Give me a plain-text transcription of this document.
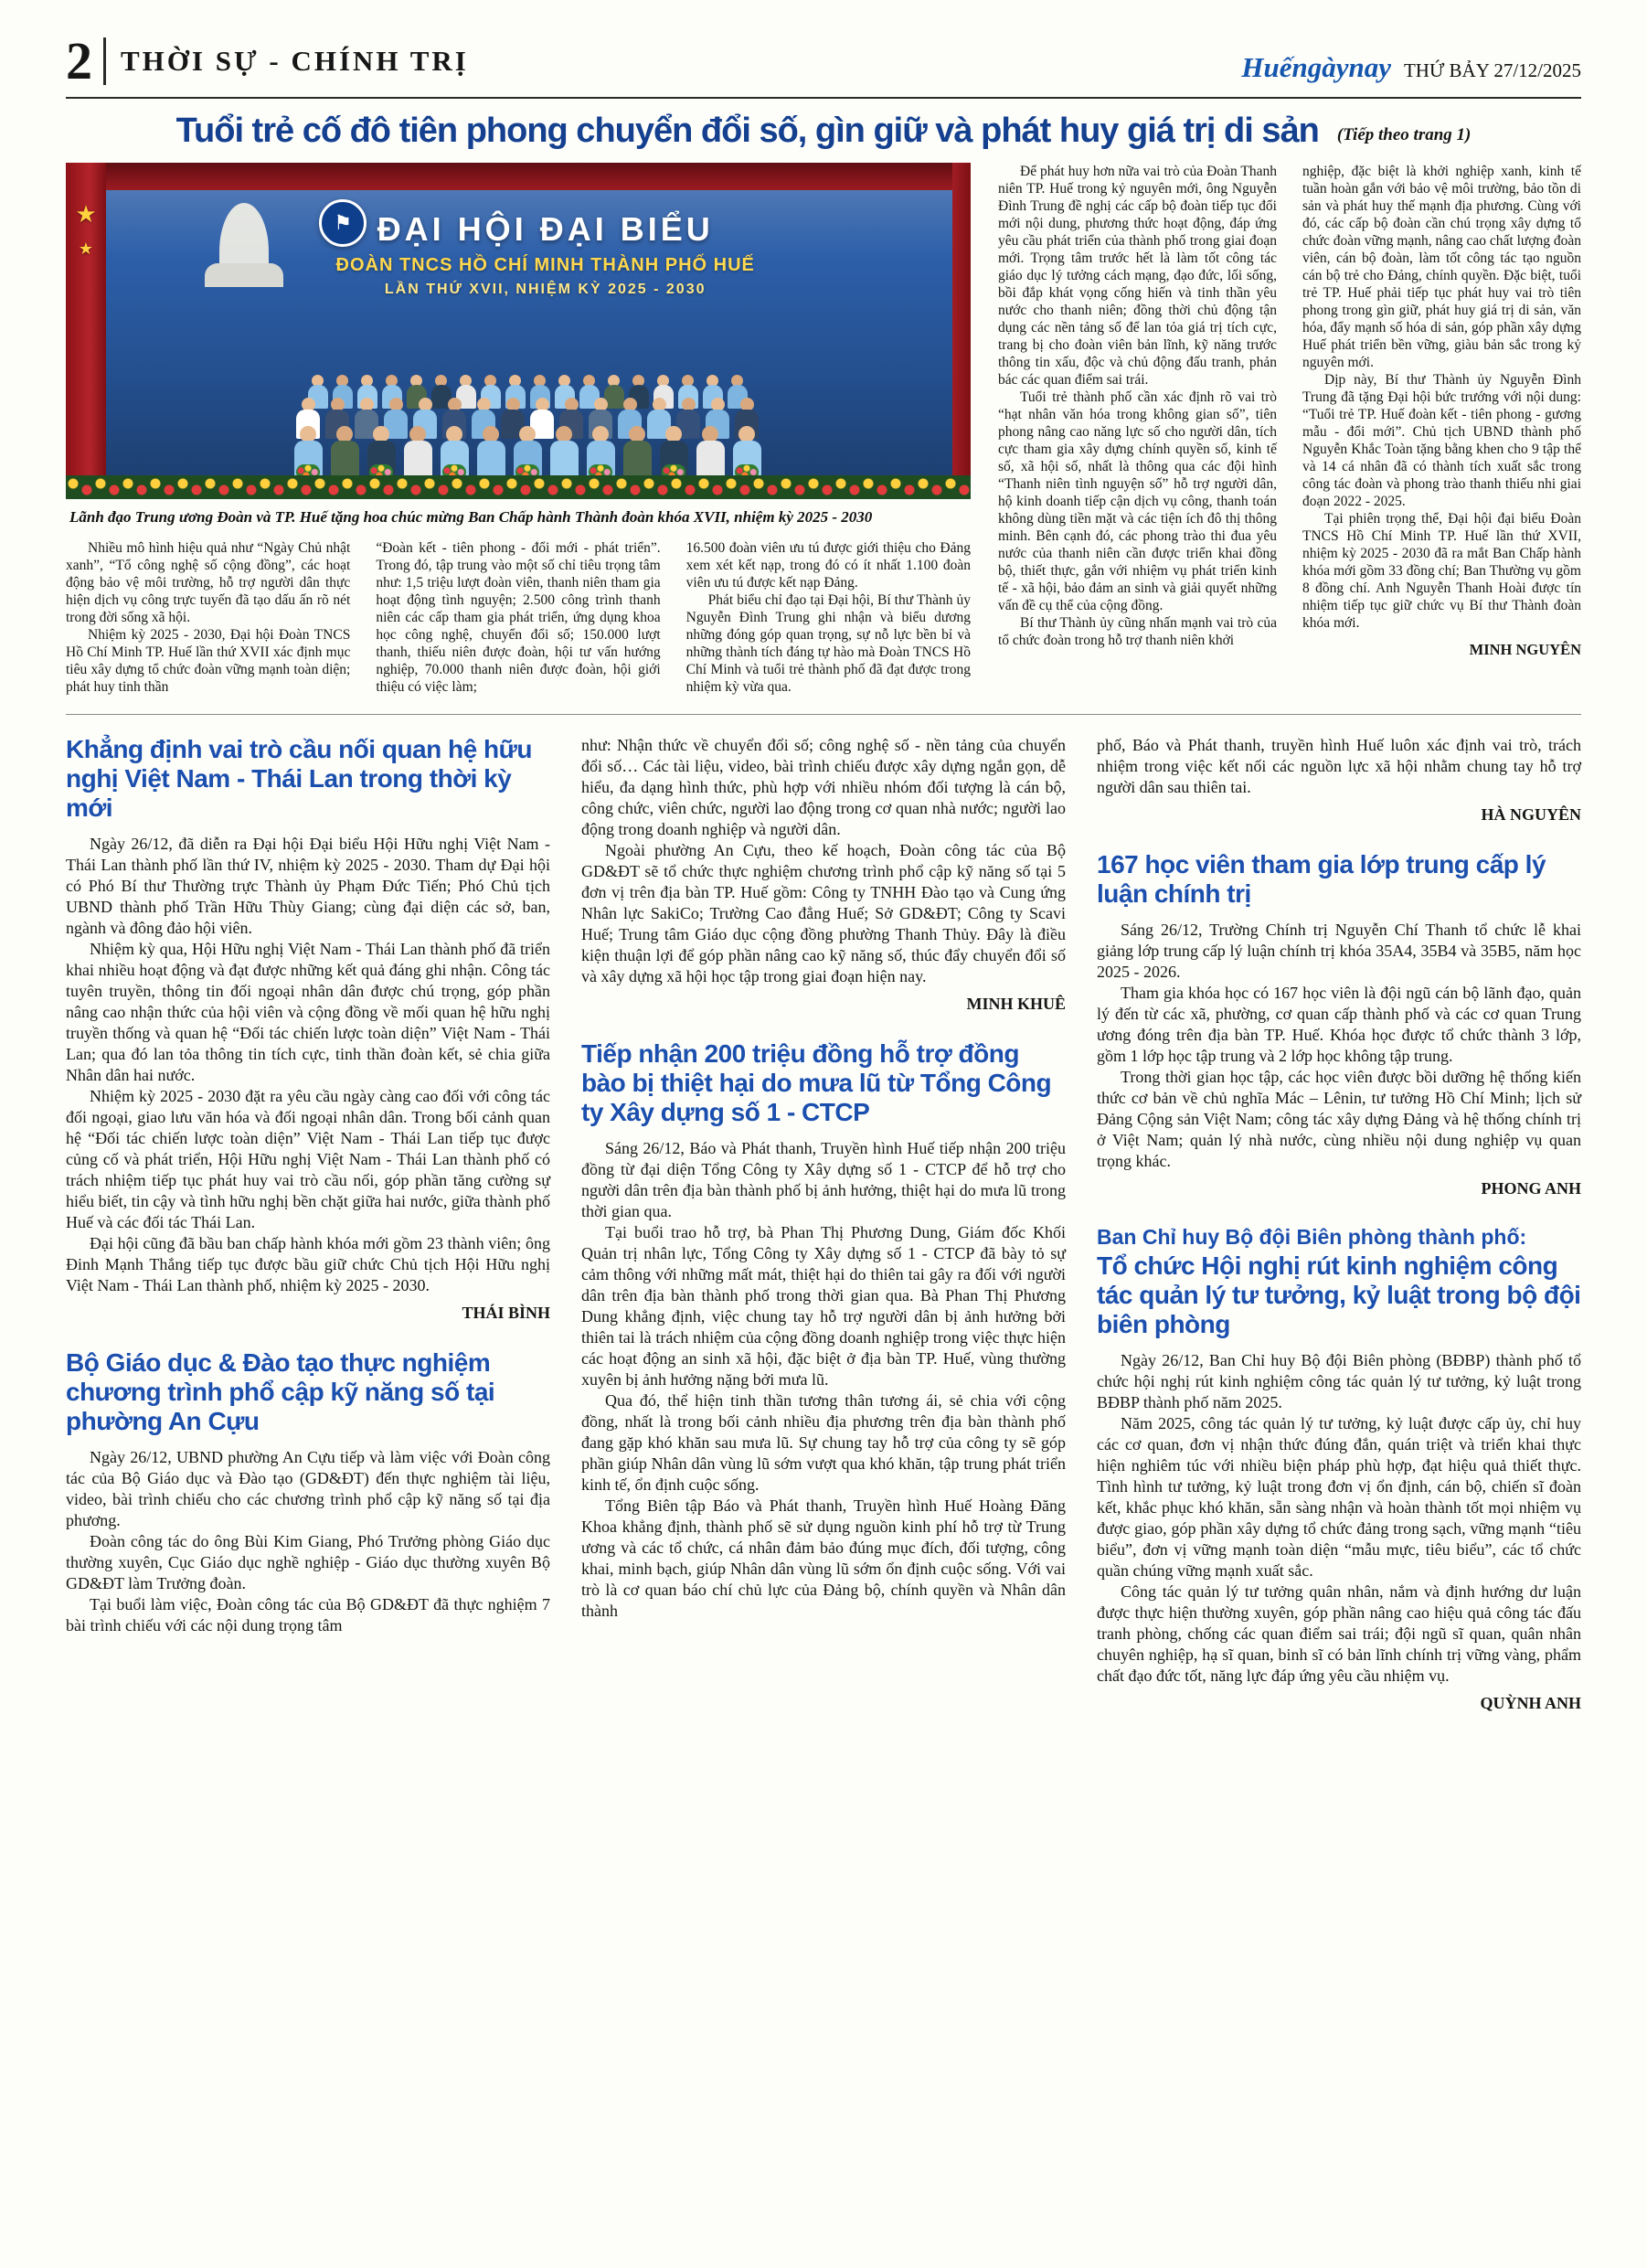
2 THỜI SỰ - CHÍNH TRỊ	Huếngàynay THỨ BẢY 27/12/2025
Tuổi trẻ cố đô tiên phong chuyển đổi số, gìn giữ và phát huy giá trị di sản (Tiếp theo trang 1)
★
★
⚑ ĐẠI HỘI ĐẠI BIỂU
ĐOÀN TNCS HỒ CHÍ MINH THÀNH PHỐ HUẾ
LẦN THỨ XVII, NHIỆM KỲ 2025 - 2030
Lãnh đạo Trung ương Đoàn và TP. Huế tặng hoa chúc mừng Ban Chấp hành Thành đoàn khóa XVII, nhiệm kỳ 2025 - 2030

Nhiều mô hình hiệu quả như “Ngày Chủ nhật xanh”, “Tổ công nghệ số cộng đồng”, các hoạt động bảo vệ môi trường, hỗ trợ người dân thực hiện dịch vụ công trực tuyến đã tạo dấu ấn rõ nét trong đời sống xã hội.

Nhiệm kỳ 2025 - 2030, Đại hội Đoàn TNCS Hồ Chí Minh TP. Huế lần thứ XVII xác định mục tiêu xây dựng tổ chức đoàn vững mạnh toàn diện; phát huy tinh thần

“Đoàn kết - tiên phong - đổi mới - phát triển”. Trong đó, tập trung vào một số chỉ tiêu trọng tâm như: 1,5 triệu lượt đoàn viên, thanh niên tham gia hoạt động tình nguyện; 2.500 công trình thanh niên các cấp tham gia phát triển, ứng dụng khoa học công nghệ, chuyển đổi số; 150.000 lượt thanh, thiếu niên được đoàn, hội tư vấn hướng nghiệp, 70.000 thanh niên được đoàn, hội giới thiệu có việc làm;

16.500 đoàn viên ưu tú được giới thiệu cho Đảng xem xét kết nạp, trong đó có ít nhất 1.100 đoàn viên ưu tú được kết nạp Đảng.

Phát biểu chỉ đạo tại Đại hội, Bí thư Thành ủy Nguyễn Đình Trung ghi nhận và biểu dương những đóng góp quan trọng, sự nỗ lực bền bỉ và những thành tích đáng tự hào mà Đoàn TNCS Hồ Chí Minh và tuổi trẻ thành phố đã đạt được trong nhiệm kỳ vừa qua.

Để phát huy hơn nữa vai trò của Đoàn Thanh niên TP. Huế trong kỷ nguyên mới, ông Nguyễn Đình Trung đề nghị các cấp bộ đoàn tiếp tục đổi mới nội dung, phương thức hoạt động, đáp ứng yêu cầu phát triển của thành phố trong giai đoạn mới. Trọng tâm trước hết là làm tốt công tác giáo dục lý tưởng cách mạng, đạo đức, lối sống, bồi đắp khát vọng cống hiến và tinh thần yêu nước cho thanh niên; đồng thời chủ động tận dụng các nền tảng số để lan tỏa giá trị tích cực, trang bị cho đoàn viên bản lĩnh, kỹ năng trước thông tin xấu, độc và chủ động đấu tranh, phản bác các quan điểm sai trái.

Tuổi trẻ thành phố cần xác định rõ vai trò “hạt nhân văn hóa trong không gian số”, tiên phong nâng cao năng lực số cho người dân, tích cực tham gia xây dựng chính quyền số, kinh tế số, xã hội số, nhất là thông qua các đội hình “Thanh niên tình nguyện số” hỗ trợ người dân, hộ kinh doanh tiếp cận dịch vụ công, thanh toán không dùng tiền mặt và các tiện ích đô thị thông minh. Bên cạnh đó, các phong trào thi đua yêu nước của thanh niên cần được triển khai đồng bộ, thiết thực, gắn với nhiệm vụ phát triển kinh tế - xã hội, bảo đảm an sinh và giải quyết những vấn đề cụ thể của cộng đồng.

Bí thư Thành ủy cũng nhấn mạnh vai trò của tổ chức đoàn trong hỗ trợ thanh niên khởi

nghiệp, đặc biệt là khởi nghiệp xanh, kinh tế tuần hoàn gắn với bảo vệ môi trường, bảo tồn di sản và phát huy thế mạnh địa phương. Cùng với đó, các cấp bộ đoàn cần chú trọng xây dựng tổ chức đoàn vững mạnh, nâng cao chất lượng đoàn viên, cán bộ đoàn, làm tốt công tác tạo nguồn cán bộ trẻ cho Đảng, chính quyền. Đặc biệt, tuổi trẻ TP. Huế phải tiếp tục phát huy vai trò tiên phong trong gìn giữ, phát huy giá trị di sản, văn hóa, đẩy mạnh số hóa di sản, góp phần xây dựng Huế phát triển bền vững, giàu bản sắc trong kỷ nguyên mới.

Dịp này, Bí thư Thành ủy Nguyễn Đình Trung đã tặng Đại hội bức trướng với nội dung: “Tuổi trẻ TP. Huế đoàn kết - tiên phong - gương mẫu - đổi mới”. Chủ tịch UBND thành phố Nguyễn Khắc Toàn tặng bằng khen cho 9 tập thể và 14 cá nhân đã có thành tích xuất sắc trong công tác đoàn và phong trào thanh thiếu nhi giai đoạn 2022 - 2025.

Tại phiên trọng thể, Đại hội đại biểu Đoàn TNCS Hồ Chí Minh TP. Huế lần thứ XVII, nhiệm kỳ 2025 - 2030 đã ra mắt Ban Chấp hành khóa mới gồm 33 đồng chí; Ban Thường vụ gồm 8 đồng chí. Anh Nguyễn Thanh Hoài được tín nhiệm tiếp tục giữ chức vụ Bí thư Thành đoàn khóa mới.

MINH NGUYÊN
Khẳng định vai trò cầu nối quan hệ hữu nghị Việt Nam - Thái Lan trong thời kỳ mới

Ngày 26/12, đã diễn ra Đại hội Đại biểu Hội Hữu nghị Việt Nam - Thái Lan thành phố lần thứ IV, nhiệm kỳ 2025 - 2030. Tham dự Đại hội có Phó Bí thư Thường trực Thành ủy Phạm Đức Tiến; Phó Chủ tịch UBND thành phố Trần Hữu Thùy Giang; cùng đại diện các sở, ban, ngành và đông đảo hội viên.

Nhiệm kỳ qua, Hội Hữu nghị Việt Nam - Thái Lan thành phố đã triển khai nhiều hoạt động và đạt được những kết quả đáng ghi nhận. Công tác tuyên truyền, thông tin đối ngoại nhân dân được chú trọng, góp phần nâng cao nhận thức của hội viên và cộng đồng về mối quan hệ hữu nghị truyền thống và quan hệ “Đối tác chiến lược toàn diện” Việt Nam - Thái Lan; qua đó lan tỏa thông tin tích cực, tinh thần đoàn kết, sẻ chia giữa Nhân dân hai nước.

Nhiệm kỳ 2025 - 2030 đặt ra yêu cầu ngày càng cao đối với công tác đối ngoại, giao lưu văn hóa và đối ngoại nhân dân. Trong bối cảnh quan hệ “Đối tác chiến lược toàn diện” Việt Nam - Thái Lan tiếp tục được củng cố và phát triển, Hội Hữu nghị Việt Nam - Thái Lan thành phố có trách nhiệm tiếp tục phát huy vai trò cầu nối, góp phần tăng cường sự hiểu biết, tin cậy và tình hữu nghị bền chặt giữa hai nước, giữa thành phố Huế và các đối tác Thái Lan.

Đại hội cũng đã bầu ban chấp hành khóa mới gồm 23 thành viên; ông Đinh Mạnh Thắng tiếp tục được bầu giữ chức Chủ tịch Hội Hữu nghị Việt Nam - Thái Lan thành phố, nhiệm kỳ 2025 - 2030.

THÁI BÌNH
Bộ Giáo dục & Đào tạo thực nghiệm chương trình phổ cập kỹ năng số tại phường An Cựu

Ngày 26/12, UBND phường An Cựu tiếp và làm việc với Đoàn công tác của Bộ Giáo dục và Đào tạo (GD&ĐT) đến thực nghiệm tài liệu, video, bài trình chiếu cho các chương trình phổ cập kỹ năng số tại địa phương.

Đoàn công tác do ông Bùi Kim Giang, Phó Trưởng phòng Giáo dục thường xuyên, Cục Giáo dục nghề nghiệp - Giáo dục thường xuyên Bộ GD&ĐT làm Trưởng đoàn.

Tại buổi làm việc, Đoàn công tác của Bộ GD&ĐT đã thực nghiệm 7 bài trình chiếu với các nội dung trọng tâm

như: Nhận thức về chuyển đổi số; công nghệ số - nền tảng của chuyển đổi số… Các tài liệu, video, bài trình chiếu được xây dựng ngắn gọn, dễ hiểu, đa dạng hình thức, phù hợp với nhiều nhóm đối tượng là cán bộ, công chức, viên chức, người lao động trong cơ quan nhà nước; người lao động trong doanh nghiệp và người dân.

Ngoài phường An Cựu, theo kế hoạch, Đoàn công tác của Bộ GD&ĐT sẽ tổ chức thực nghiệm chương trình phổ cập kỹ năng số tại 5 đơn vị trên địa bàn TP. Huế gồm: Công ty TNHH Đào tạo và Cung ứng Nhân lực SakiCo; Trường Cao đẳng Huế; Sở GD&ĐT; Công ty Scavi Huế; Trung tâm Giáo dục cộng đồng phường Thanh Thủy. Đây là điều kiện thuận lợi để góp phần nâng cao kỹ năng số, thúc đẩy chuyển đổi số và xây dựng xã hội học tập trong giai đoạn hiện nay.

MINH KHUÊ
Tiếp nhận 200 triệu đồng hỗ trợ đồng bào bị thiệt hại do mưa lũ từ Tổng Công ty Xây dựng số 1 - CTCP

Sáng 26/12, Báo và Phát thanh, Truyền hình Huế tiếp nhận 200 triệu đồng từ đại diện Tổng Công ty Xây dựng số 1 - CTCP để hỗ trợ cho người dân trên địa bàn thành phố bị ảnh hưởng, thiệt hại do mưa lũ trong thời gian qua.

Tại buổi trao hỗ trợ, bà Phan Thị Phương Dung, Giám đốc Khối Quản trị nhân lực, Tổng Công ty Xây dựng số 1 - CTCP đã bày tỏ sự cảm thông với những mất mát, thiệt hại do thiên tai gây ra đối với người dân trên địa bàn thành phố trong thời gian qua. Bà Phan Thị Phương Dung khẳng định, việc chung tay hỗ trợ người dân bị ảnh hưởng bởi thiên tai là trách nhiệm của cộng đồng doanh nghiệp trong việc thực hiện các hoạt động an sinh xã hội, đặc biệt ở địa bàn TP. Huế, vùng thường xuyên bị ảnh hưởng nặng bởi mưa lũ.

Qua đó, thể hiện tinh thần tương thân tương ái, sẻ chia với cộng đồng, nhất là trong bối cảnh nhiều địa phương trên địa bàn thành phố đang gặp khó khăn sau mưa lũ. Sự chung tay hỗ trợ của công ty sẽ góp phần giúp Nhân dân vùng lũ sớm vượt qua khó khăn, tập trung phát triển kinh tế, ổn định cuộc sống.

Tổng Biên tập Báo và Phát thanh, Truyền hình Huế Hoàng Đăng Khoa khẳng định, thành phố sẽ sử dụng nguồn kinh phí hỗ trợ từ Trung ương và các tổ chức, cá nhân đảm bảo đúng mục đích, đối tượng, công khai, minh bạch, giúp Nhân dân vùng lũ sớm ổn định cuộc sống. Với vai trò là cơ quan báo chí chủ lực của Đảng bộ, chính quyền và Nhân dân thành

phố, Báo và Phát thanh, truyền hình Huế luôn xác định vai trò, trách nhiệm trong việc kết nối các nguồn lực xã hội nhằm chung tay hỗ trợ người dân sau thiên tai.

HÀ NGUYÊN
167 học viên tham gia lớp trung cấp lý luận chính trị

Sáng 26/12, Trường Chính trị Nguyễn Chí Thanh tổ chức lễ khai giảng lớp trung cấp lý luận chính trị khóa 35A4, 35B4 và 35B5, năm học 2025 - 2026.

Tham gia khóa học có 167 học viên là đội ngũ cán bộ lãnh đạo, quản lý đến từ các xã, phường, cơ quan cấp thành phố và các cơ quan Trung ương đóng trên địa bàn TP. Huế. Khóa học được tổ chức thành 3 lớp, gồm 1 lớp học tập trung và 2 lớp học không tập trung.

Trong thời gian học tập, các học viên được bồi dưỡng hệ thống kiến thức cơ bản về chủ nghĩa Mác – Lênin, tư tưởng Hồ Chí Minh; lịch sử Đảng Cộng sản Việt Nam; công tác xây dựng Đảng và hệ thống chính trị ở Việt Nam; quản lý nhà nước, cùng nhiều nội dung nghiệp vụ quan trọng khác.

PHONG ANH
Ban Chỉ huy Bộ đội Biên phòng thành phố:
Tổ chức Hội nghị rút kinh nghiệm công tác quản lý tư tưởng, kỷ luật trong bộ đội biên phòng

Ngày 26/12, Ban Chỉ huy Bộ đội Biên phòng (BĐBP) thành phố tổ chức hội nghị rút kinh nghiệm công tác quản lý tư tưởng, kỷ luật trong BĐBP thành phố năm 2025.

Năm 2025, công tác quản lý tư tưởng, kỷ luật được cấp ủy, chỉ huy các cơ quan, đơn vị nhận thức đúng đắn, quán triệt và triển khai thực hiện nghiêm túc với nhiều biện pháp phù hợp, đạt hiệu quả thiết thực. Tình hình tư tưởng, kỷ luật trong đơn vị ổn định, cán bộ, chiến sĩ đoàn kết, khắc phục khó khăn, sẵn sàng nhận và hoàn thành tốt mọi nhiệm vụ được giao, góp phần xây dựng tổ chức đảng trong sạch, vững mạnh “tiêu biểu”, đơn vị vững mạnh toàn diện “mẫu mực, tiêu biểu”, các tổ chức quần chúng vững mạnh xuất sắc.

Công tác quản lý tư tưởng quân nhân, nắm và định hướng dư luận được thực hiện thường xuyên, góp phần nâng cao hiệu quả công tác đấu tranh phòng, chống các quan điểm sai trái; đội ngũ sĩ quan, quân nhân chuyên nghiệp, hạ sĩ quan, binh sĩ có bản lĩnh chính trị vững vàng, phẩm chất đạo đức tốt, năng lực đáp ứng yêu cầu nhiệm vụ.

QUỲNH ANH
